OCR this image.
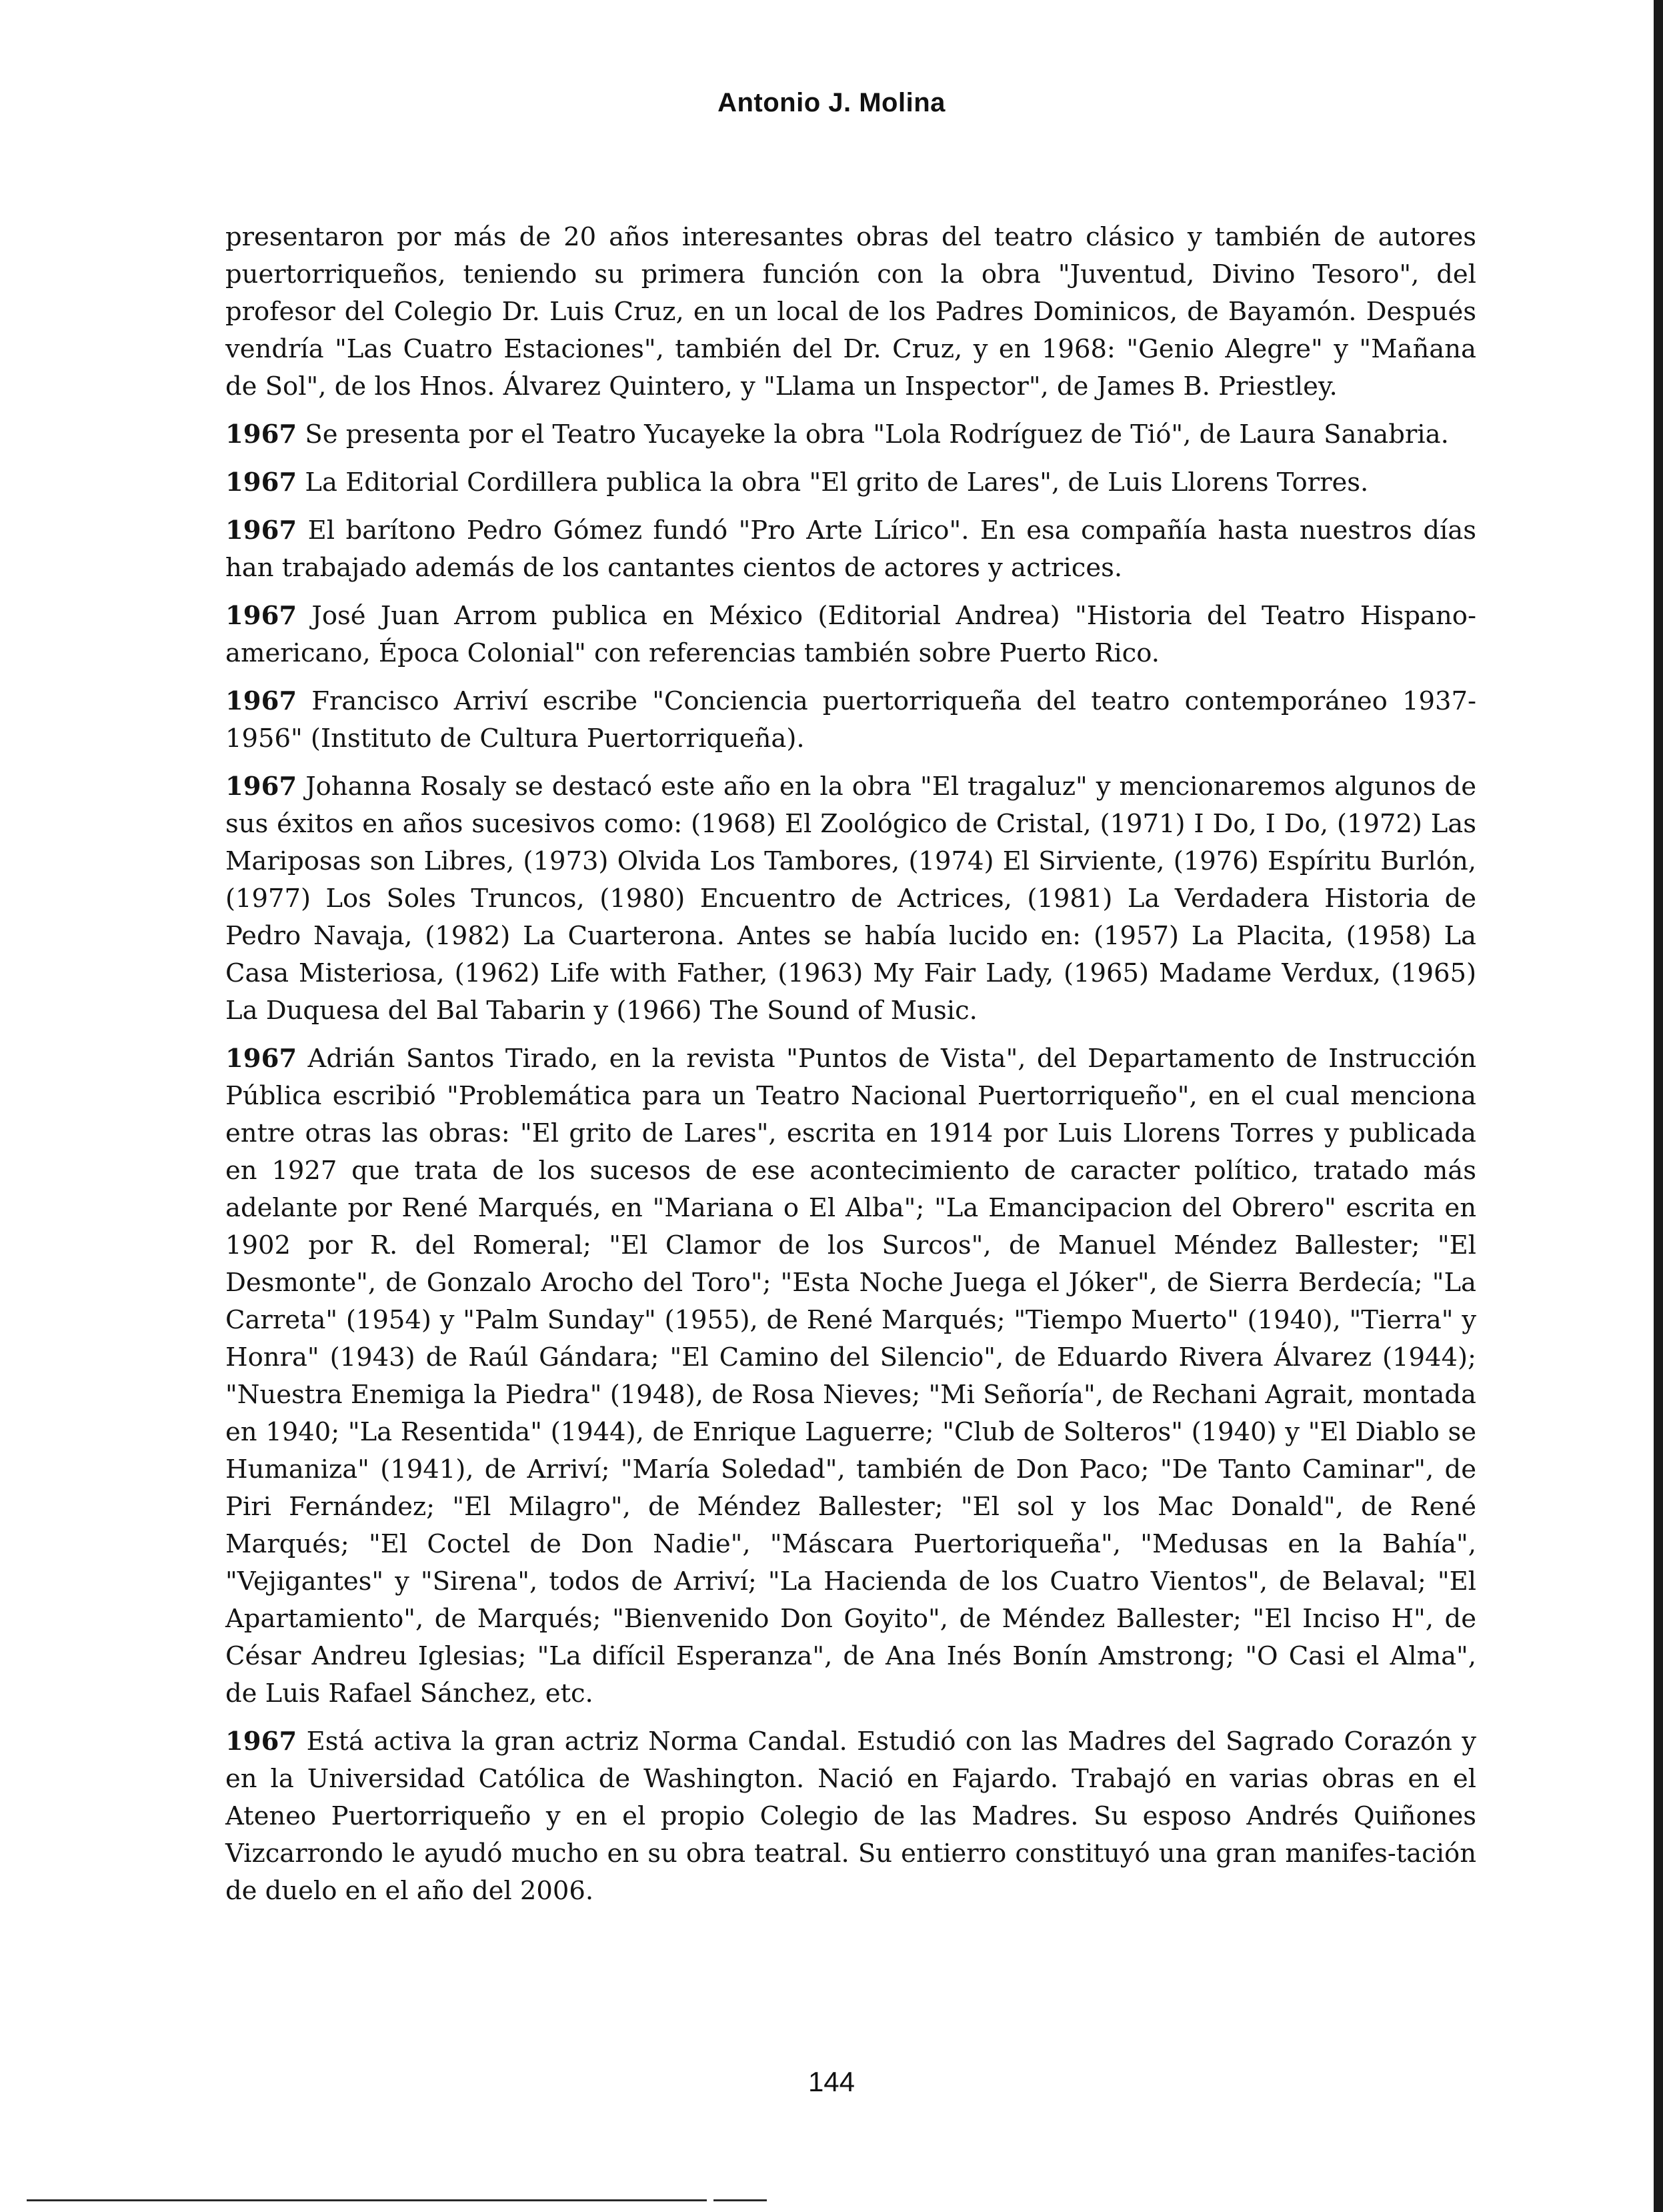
Antonio J. Molina

presentaron por más de 20 años interesantes obras del teatro clásico y también de autores puertorriqueños, teniendo su primera función con la obra "Juventud, Divino Tesoro", del profesor del Colegio Dr. Luis Cruz, en un local de los Padres Dominicos, de Bayamón. Después vendría "Las Cuatro Estaciones", también del Dr. Cruz, y en 1968: "Genio Alegre" y "Mañana de Sol", de los Hnos. Álvarez Quintero, y "Llama un Inspector", de James B. Priestley.

1967 Se presenta por el Teatro Yucayeke la obra "Lola Rodríguez de Tió", de Laura Sanabria.

1967 La Editorial Cordillera publica la obra "El grito de Lares", de Luis Llorens Torres.

1967 El barítono Pedro Gómez fundó "Pro Arte Lírico". En esa compañía hasta nuestros días han trabajado además de los cantantes cientos de actores y actrices.

1967 José Juan Arrom publica en México (Editorial Andrea) "Historia del Teatro Hispano-americano, Época Colonial" con referencias también sobre Puerto Rico.

1967 Francisco Arriví escribe "Conciencia puertorriqueña del teatro contemporáneo 1937-1956" (Instituto de Cultura Puertorriqueña).

1967 Johanna Rosaly se destacó este año en la obra "El tragaluz" y mencionaremos algunos de sus éxitos en años sucesivos como: (1968) El Zoológico de Cristal, (1971) I Do, I Do, (1972) Las Mariposas son Libres, (1973) Olvida Los Tambores, (1974) El Sirviente, (1976) Espíritu Burlón, (1977) Los Soles Truncos, (1980) Encuentro de Actrices, (1981) La Verdadera Historia de Pedro Navaja, (1982) La Cuarterona. Antes se había lucido en: (1957) La Placita, (1958) La Casa Misteriosa, (1962) Life with Father, (1963) My Fair Lady, (1965) Madame Verdux, (1965) La Duquesa del Bal Tabarin y (1966) The Sound of Music.

1967 Adrián Santos Tirado, en la revista "Puntos de Vista", del Departamento de Instrucción Pública escribió "Problemática para un Teatro Nacional Puertorriqueño", en el cual menciona entre otras las obras: "El grito de Lares", escrita en 1914 por Luis Llorens Torres y publicada en 1927 que trata de los sucesos de ese acontecimiento de caracter político, tratado más adelante por René Marqués, en "Mariana o El Alba"; "La Emancipacion del Obrero" escrita en 1902 por R. del Romeral; "El Clamor de los Surcos", de Manuel Méndez Ballester; "El Desmonte", de Gonzalo Arocho del Toro"; "Esta Noche Juega el Jóker", de Sierra Berdecía; "La Carreta" (1954) y "Palm Sunday" (1955), de René Marqués; "Tiempo Muerto" (1940), "Tierra" y Honra" (1943) de Raúl Gándara; "El Camino del Silencio", de Eduardo Rivera Álvarez (1944); "Nuestra Enemiga la Piedra" (1948), de Rosa Nieves; "Mi Señoría", de Rechani Agrait, montada en 1940; "La Resentida" (1944), de Enrique Laguerre; "Club de Solteros" (1940) y "El Diablo se Humaniza" (1941), de Arriví; "María Soledad", también de Don Paco; "De Tanto Caminar", de Piri Fernández; "El Milagro", de Méndez Ballester; "El sol y los Mac Donald", de René Marqués; "El Coctel de Don Nadie", "Máscara Puertoriqueña", "Medusas en la Bahía", "Vejigantes" y "Sirena", todos de Arriví; "La Hacienda de los Cuatro Vientos", de Belaval; "El Apartamiento", de Marqués; "Bienvenido Don Goyito", de Méndez Ballester; "El Inciso H", de César Andreu Iglesias; "La difícil Esperanza", de Ana Inés Bonín Amstrong; "O Casi el Alma", de Luis Rafael Sánchez, etc.

1967 Está activa la gran actriz Norma Candal. Estudió con las Madres del Sagrado Corazón y en la Universidad Católica de Washington. Nació en Fajardo. Trabajó en varias obras en el Ateneo Puertorriqueño y en el propio Colegio de las Madres. Su esposo Andrés Quiñones Vizcarrondo le ayudó mucho en su obra teatral. Su entierro constituyó una gran manifes-tación de duelo en el año del 2006.

144
